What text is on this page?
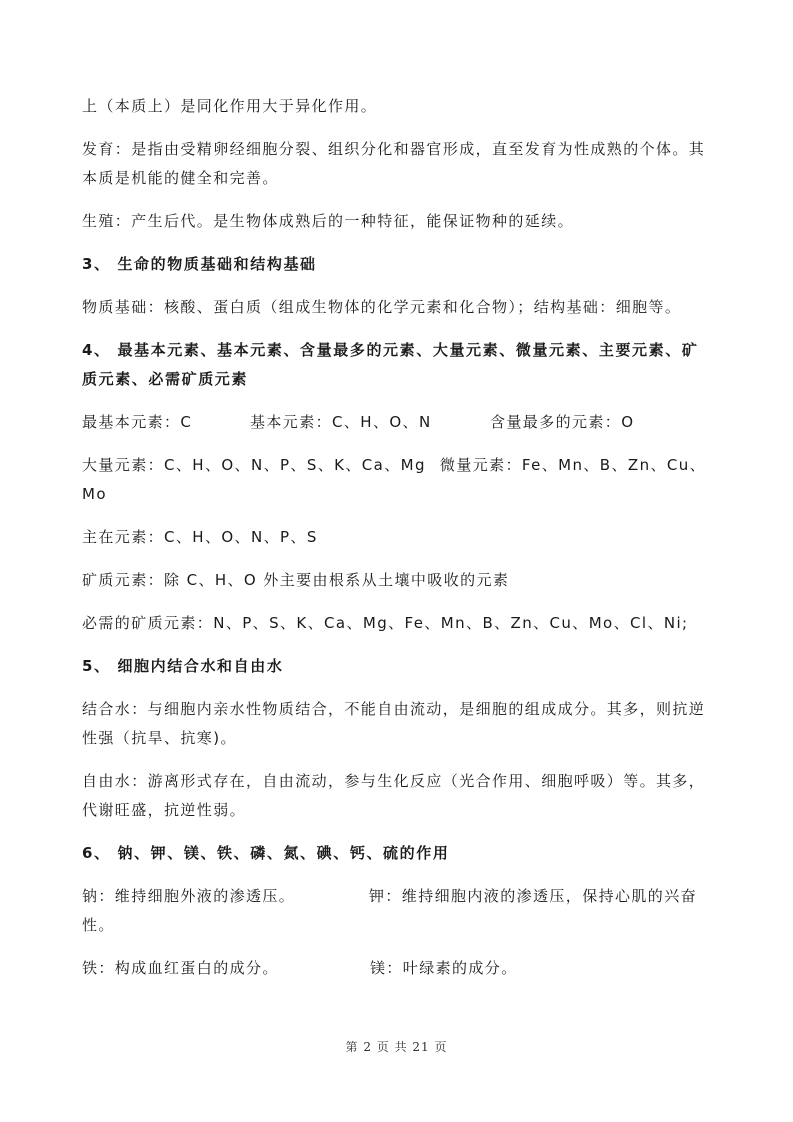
上（本质上）是同化作用大于异化作用。

发育：是指由受精卵经细胞分裂、组织分化和器官形成，直至发育为性成熟的个体。其本质是机能的健全和完善。

生殖：产生后代。是生物体成熟后的一种特征，能保证物种的延续。

3、 生命的物质基础和结构基础

物质基础：核酸、蛋白质（组成生物体的化学元素和化合物）；结构基础：细胞等。

4、 最基本元素、基本元素、含量最多的元素、大量元素、微量元素、主要元素、矿质元素、必需矿质元素

最基本元素：C	基本元素：C、H、O、N	含量最多的元素：O
大量元素：C、H、O、N、P、S、K、Ca、Mg 微量元素：Fe、Mn、B、Zn、Cu、Mo

主在元素：C、H、O、N、P、S

矿质元素：除 C、H、O 外主要由根系从土壤中吸收的元素

必需的矿质元素：N、P、S、K、Ca、Mg、Fe、Mn、B、Zn、Cu、Mo、Cl、Ni;

5、 细胞内结合水和自由水

结合水：与细胞内亲水性物质结合，不能自由流动，是细胞的组成成分。其多，则抗逆性强（抗旱、抗寒)。

自由水：游离形式存在，自由流动，参与生化反应（光合作用、细胞呼吸）等。其多，代谢旺盛，抗逆性弱。

6、 钠、钾、镁、铁、磷、氮、碘、钙、硫的作用

钠：维持细胞外液的渗透压。	钾：维持细胞内液的渗透压，保持心肌的兴奋性。
铁：构成血红蛋白的成分。	镁：叶绿素的成分。
第 2 页 共 21 页
